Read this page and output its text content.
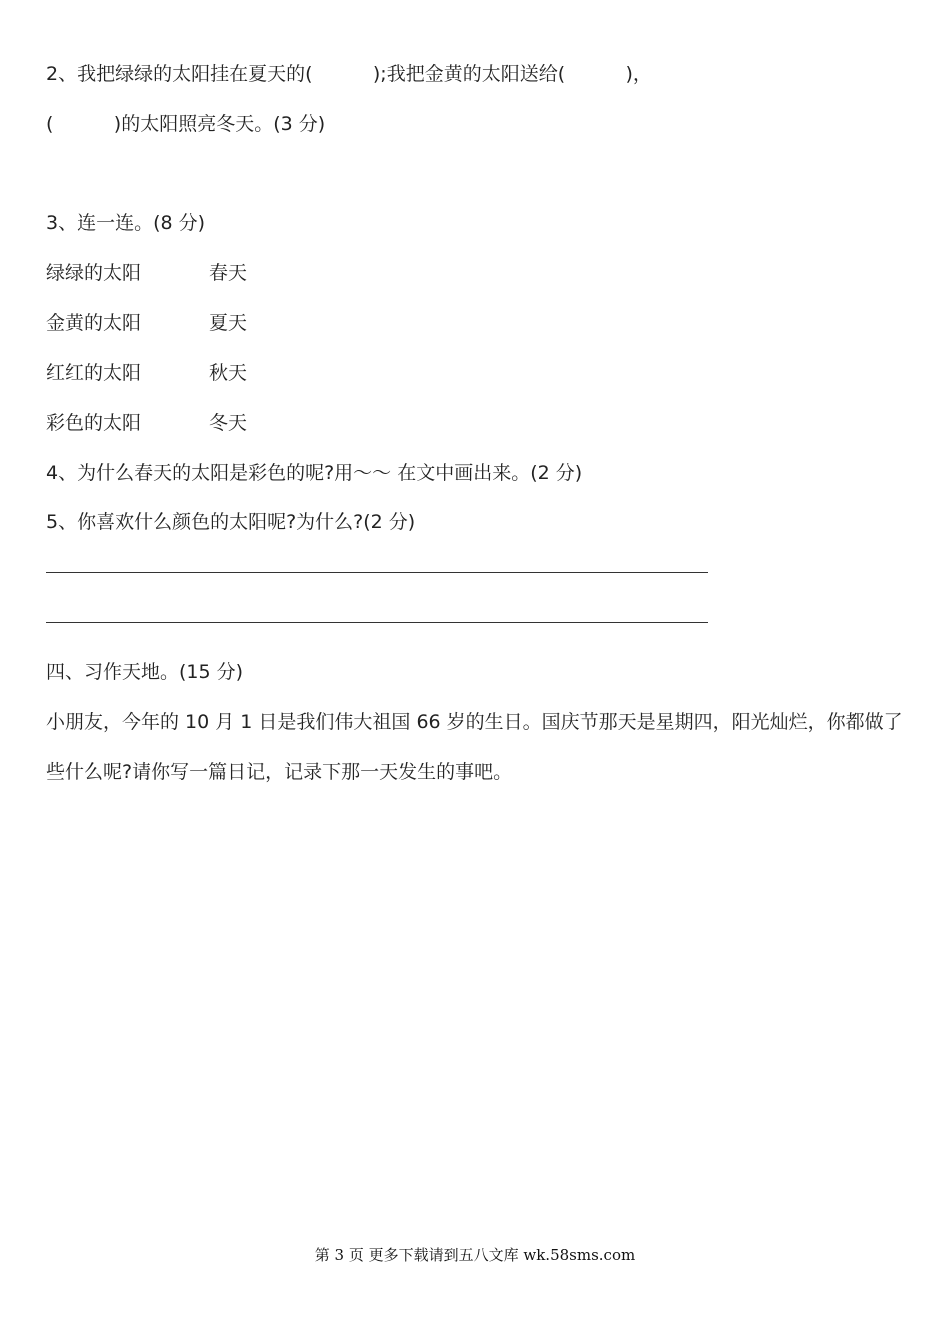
2、我把绿绿的太阳挂在夏天的(          );我把金黄的太阳送给(          )，
(          )的太阳照亮冬天。(3 分)
3、连一连。(8 分)
绿绿的太阳	春天
金黄的太阳	夏天
红红的太阳	秋天
彩色的太阳	冬天
4、为什么春天的太阳是彩色的呢?用～～ 在文中画出来。(2 分)
5、你喜欢什么颜色的太阳呢?为什么?(2 分)
四、习作天地。(15 分)
小朋友，今年的 10 月 1 日是我们伟大祖国 66 岁的生日。国庆节那天是星期四，阳光灿烂，你都做了
些什么呢?请你写一篇日记，记录下那一天发生的事吧。
第 3 页 更多下载请到五八文库 wk.58sms.com
